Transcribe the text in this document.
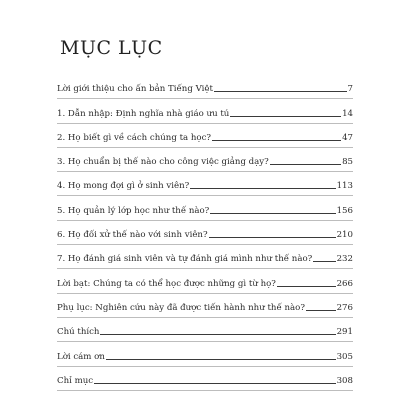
MỤC LỤC
Lời giới thiệu cho ấn bản Tiếng Việt	7
1. Dẫn nhập: Định nghĩa nhà giáo ưu tú	14
2. Họ biết gì về cách chúng ta học?	47
3. Họ chuẩn bị thế nào cho công việc giảng dạy?	85
4. Họ mong đợi gì ở sinh viên?	113
5. Họ quản lý lớp học như thế nào?	156
6. Họ đối xử thế nào với sinh viên?	210
7. Họ đánh giá sinh viên và tự đánh giá mình như thế nào?	232
Lời bạt: Chúng ta có thể học được những gì từ họ?	266
Phụ lục: Nghiên cứu này đã được tiến hành như thế nào?	276
Chú thích	291
Lời cám ơn	305
Chỉ mục	308
